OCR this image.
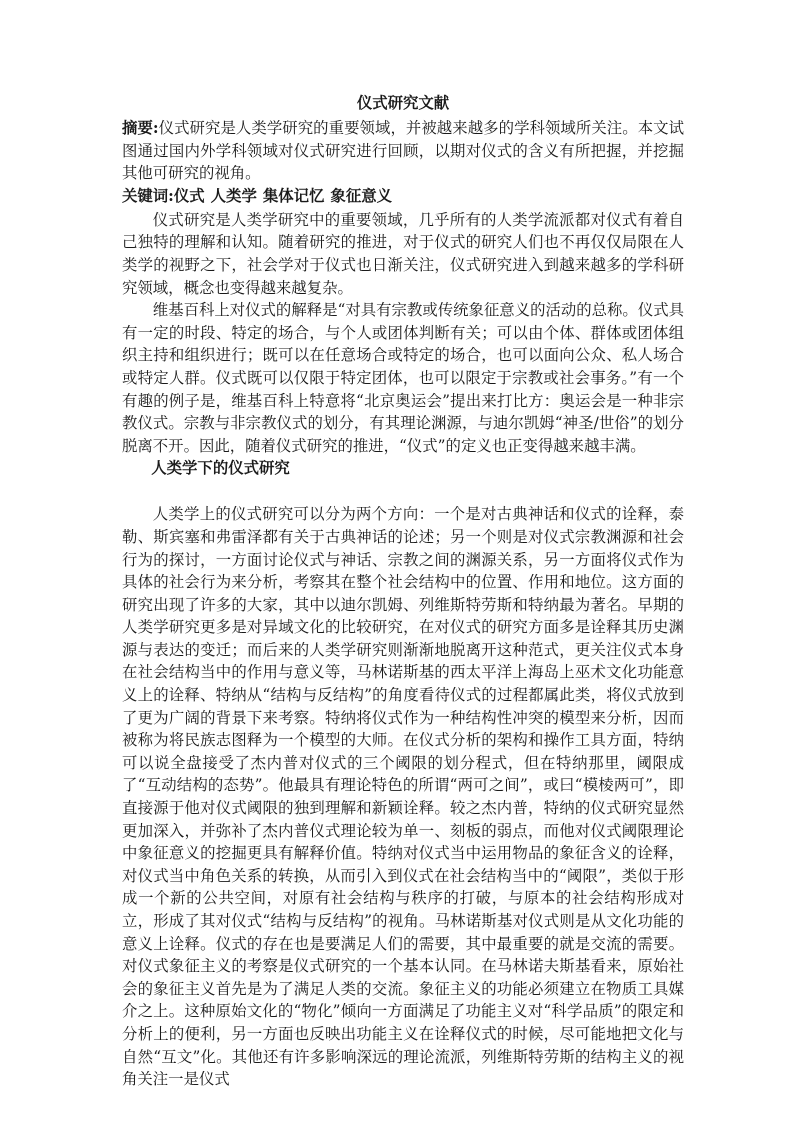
仪式研究文献

摘要:仪式研究是人类学研究的重要领域，并被越来越多的学科领域所关注。本文试图通过国内外学科领域对仪式研究进行回顾，以期对仪式的含义有所把握，并挖掘其他可研究的视角。

关键词:仪式 人类学 集体记忆 象征意义

仪式研究是人类学研究中的重要领域，几乎所有的人类学流派都对仪式有着自己独特的理解和认知。随着研究的推进，对于仪式的研究人们也不再仅仅局限在人类学的视野之下，社会学对于仪式也日渐关注，仪式研究进入到越来越多的学科研究领域，概念也变得越来越复杂。

维基百科上对仪式的解释是“对具有宗教或传统象征意义的活动的总称。仪式具有一定的时段、特定的场合，与个人或团体判断有关；可以由个体、群体或团体组织主持和组织进行；既可以在任意场合或特定的场合，也可以面向公众、私人场合或特定人群。仪式既可以仅限于特定团体，也可以限定于宗教或社会事务。”有一个有趣的例子是，维基百科上特意将“北京奥运会”提出来打比方：奥运会是一种非宗教仪式。宗教与非宗教仪式的划分，有其理论渊源，与迪尔凯姆“神圣/世俗”的划分脱离不开。因此，随着仪式研究的推进，“仪式”的定义也正变得越来越丰满。

人类学下的仪式研究

人类学上的仪式研究可以分为两个方向：一个是对古典神话和仪式的诠释，泰勒、斯宾塞和弗雷泽都有关于古典神话的论述；另一个则是对仪式宗教渊源和社会行为的探讨，一方面讨论仪式与神话、宗教之间的渊源关系，另一方面将仪式作为具体的社会行为来分析，考察其在整个社会结构中的位置、作用和地位。这方面的研究出现了许多的大家，其中以迪尔凯姆、列维斯特劳斯和特纳最为著名。早期的人类学研究更多是对异域文化的比较研究，在对仪式的研究方面多是诠释其历史渊源与表达的变迁；而后来的人类学研究则渐渐地脱离开这种范式，更关注仪式本身在社会结构当中的作用与意义等，马林诺斯基的西太平洋上海岛上巫术文化功能意义上的诠释、特纳从“结构与反结构”的角度看待仪式的过程都属此类，将仪式放到了更为广阔的背景下来考察。特纳将仪式作为一种结构性冲突的模型来分析，因而被称为将民族志图释为一个模型的大师。在仪式分析的架构和操作工具方面，特纳可以说全盘接受了杰内普对仪式的三个阈限的划分程式，但在特纳那里，阈限成了“互动结构的态势”。他最具有理论特色的所谓“两可之间”，或曰“模棱两可”，即直接源于他对仪式阈限的独到理解和新颖诠释。较之杰内普，特纳的仪式研究显然更加深入，并弥补了杰内普仪式理论较为单一、刻板的弱点，而他对仪式阈限理论中象征意义的挖掘更具有解释价值。特纳对仪式当中运用物品的象征含义的诠释，对仪式当中角色关系的转换，从而引入到仪式在社会结构当中的“阈限”，类似于形成一个新的公共空间，对原有社会结构与秩序的打破，与原本的社会结构形成对立，形成了其对仪式“结构与反结构”的视角。马林诺斯基对仪式则是从文化功能的意义上诠释。仪式的存在也是要满足人们的需要，其中最重要的就是交流的需要。对仪式象征主义的考察是仪式研究的一个基本认同。在马林诺夫斯基看来，原始社会的象征主义首先是为了满足人类的交流。象征主义的功能必须建立在物质工具媒介之上。这种原始文化的“物化”倾向一方面满足了功能主义对“科学品质”的限定和分析上的便利，另一方面也反映出功能主义在诠释仪式的时候，尽可能地把文化与自然“互文”化。其他还有许多影响深远的理论流派，列维斯特劳斯的结构主义的视角关注一是仪式
